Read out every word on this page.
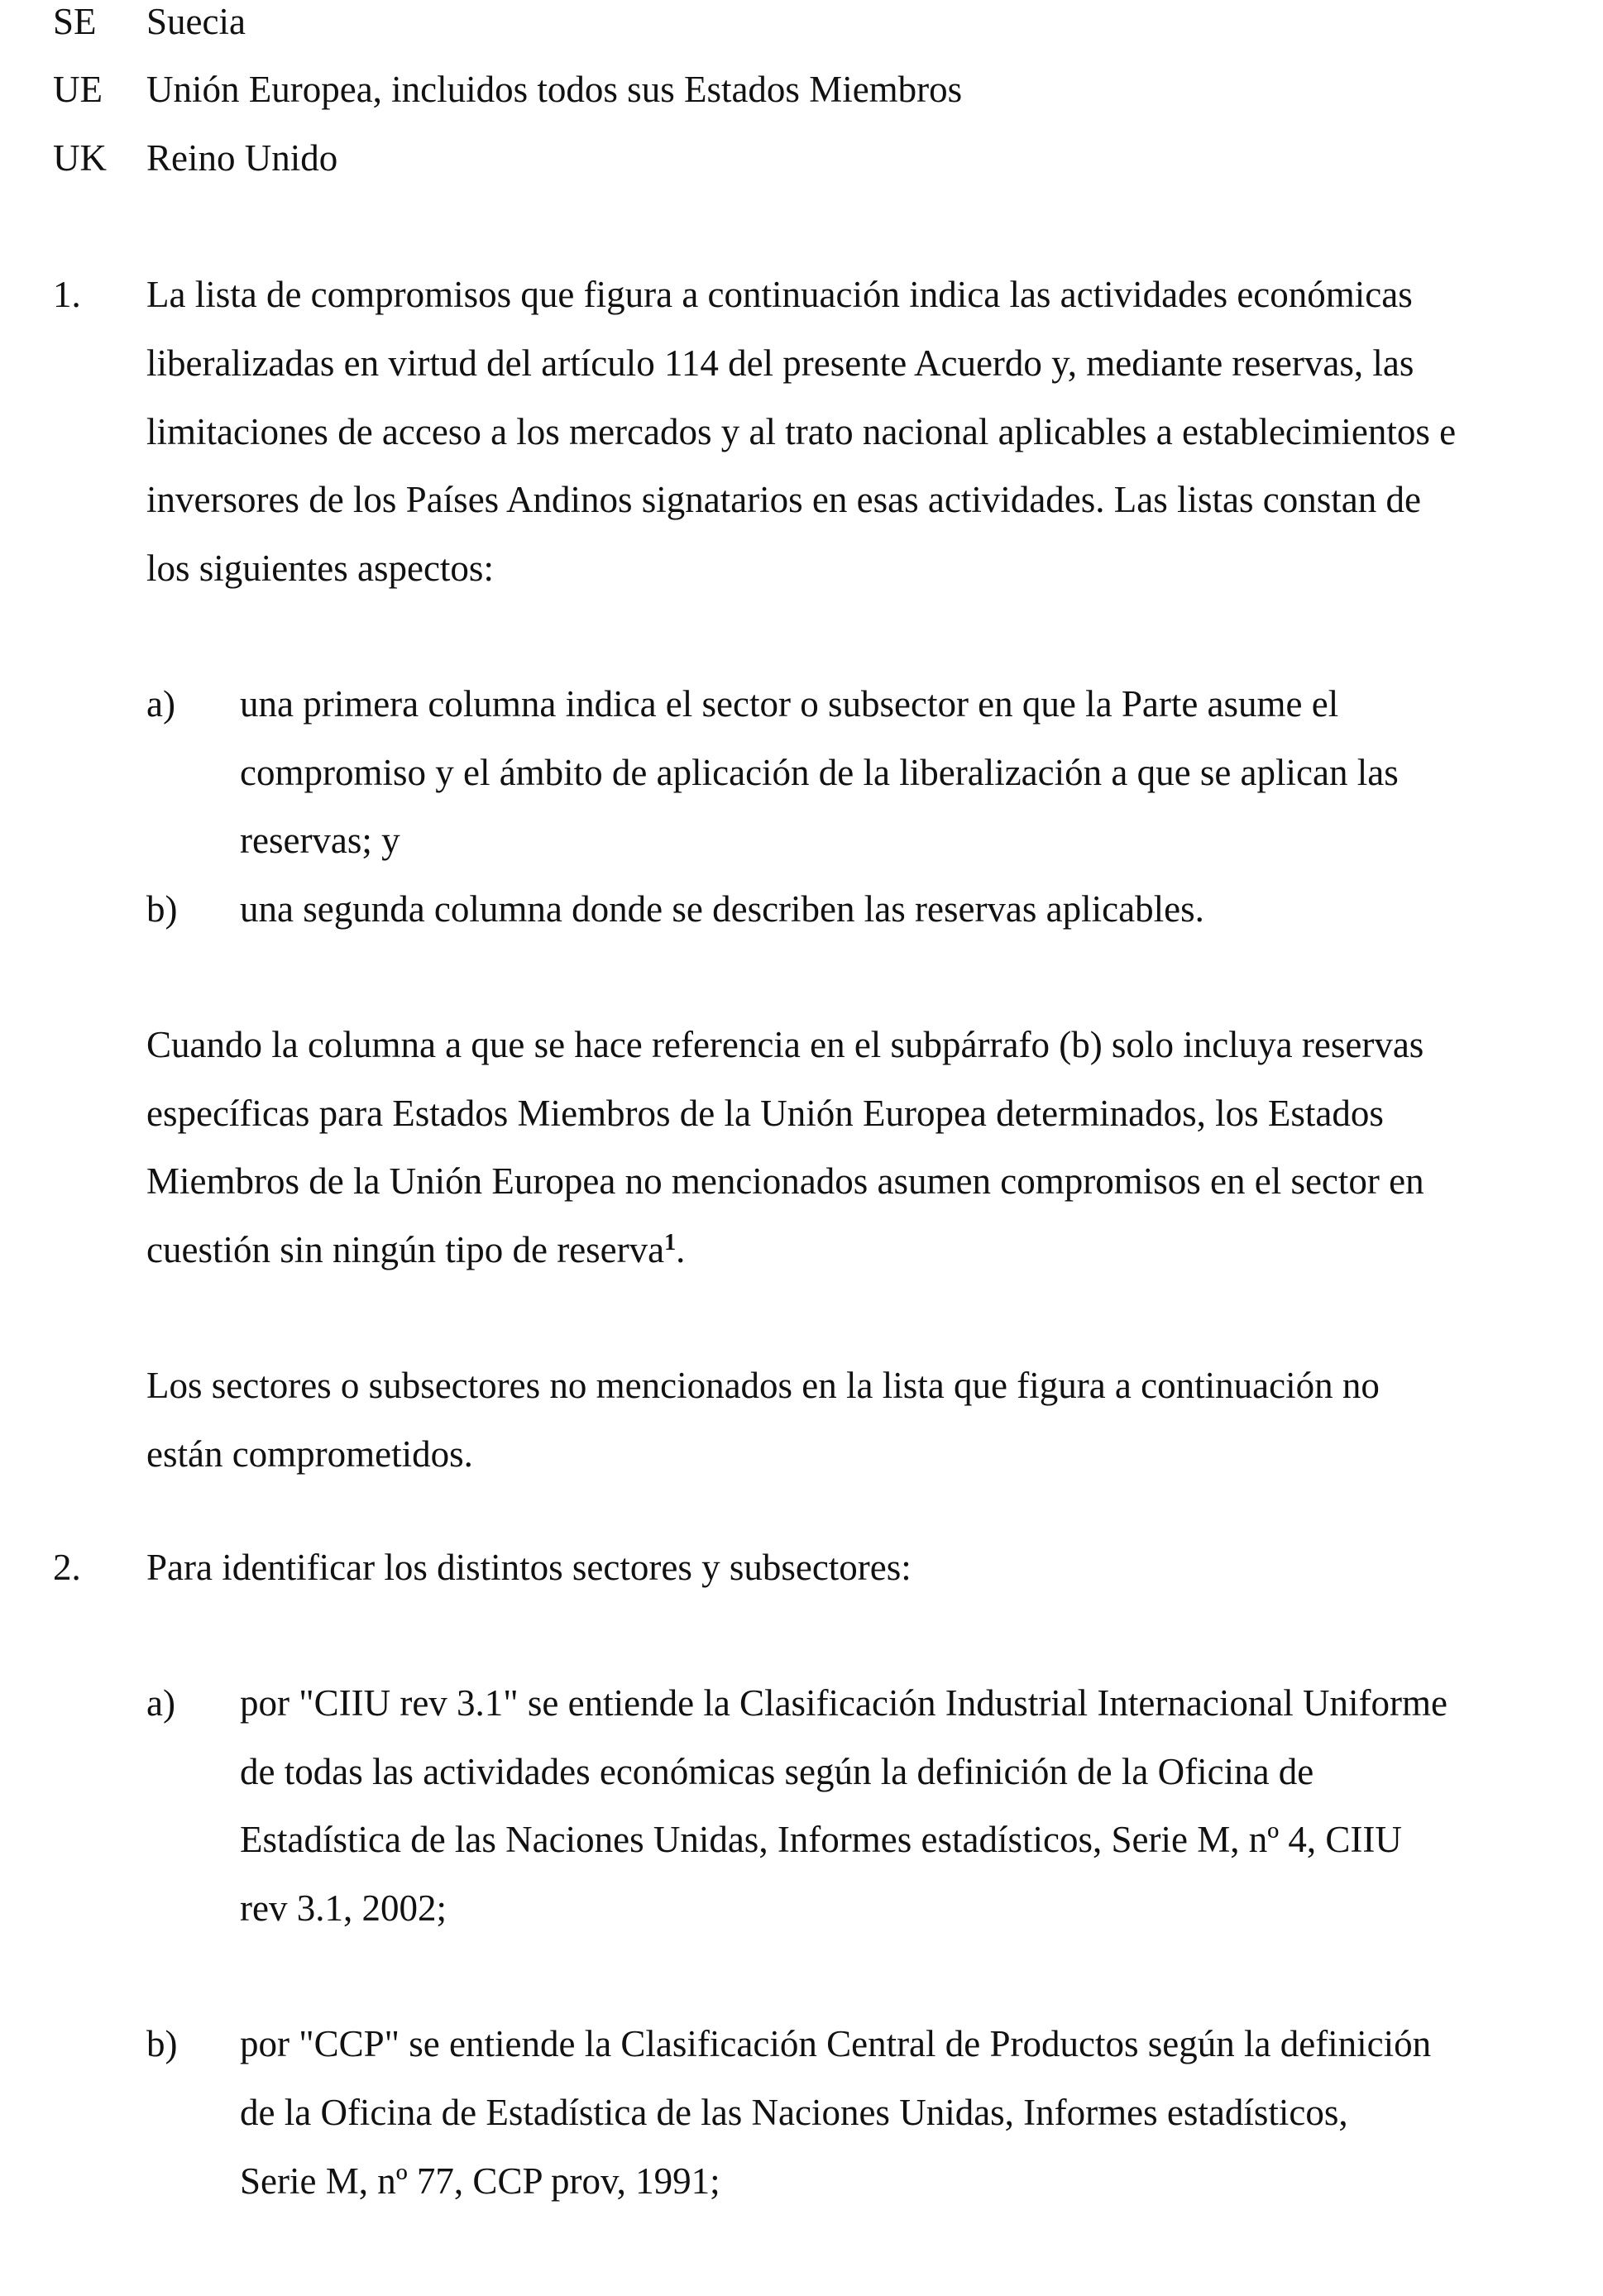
SE Suecia
UE Unión Europea, incluidos todos sus Estados Miembros
UK Reino Unido
1. La lista de compromisos que figura a continuación indica las actividades económicas
liberalizadas en virtud del artículo 114 del presente Acuerdo y, mediante reservas, las
limitaciones de acceso a los mercados y al trato nacional aplicables a establecimientos e
inversores de los Países Andinos signatarios en esas actividades. Las listas constan de
los siguientes aspectos:
a) una primera columna indica el sector o subsector en que la Parte asume el
compromiso y el ámbito de aplicación de la liberalización a que se aplican las
reservas; y
b) una segunda columna donde se describen las reservas aplicables.
Cuando la columna a que se hace referencia en el subpárrafo (b) solo incluya reservas
específicas para Estados Miembros de la Unión Europea determinados, los Estados
Miembros de la Unión Europea no mencionados asumen compromisos en el sector en
cuestión sin ningún tipo de reserva$^1$.
Los sectores o subsectores no mencionados en la lista que figura a continuación no
están comprometidos.
2. Para identificar los distintos sectores y subsectores:
a) por "CIIU rev 3.1" se entiende la Clasificación Industrial Internacional Uniforme
de todas las actividades económicas según la definición de la Oficina de
Estadística de las Naciones Unidas, Informes estadísticos, Serie M, nº 4, CIIU
rev 3.1, 2002;
b) por "CCP" se entiende la Clasificación Central de Productos según la definición
de la Oficina de Estadística de las Naciones Unidas, Informes estadísticos,
Serie M, nº 77, CCP prov, 1991;
